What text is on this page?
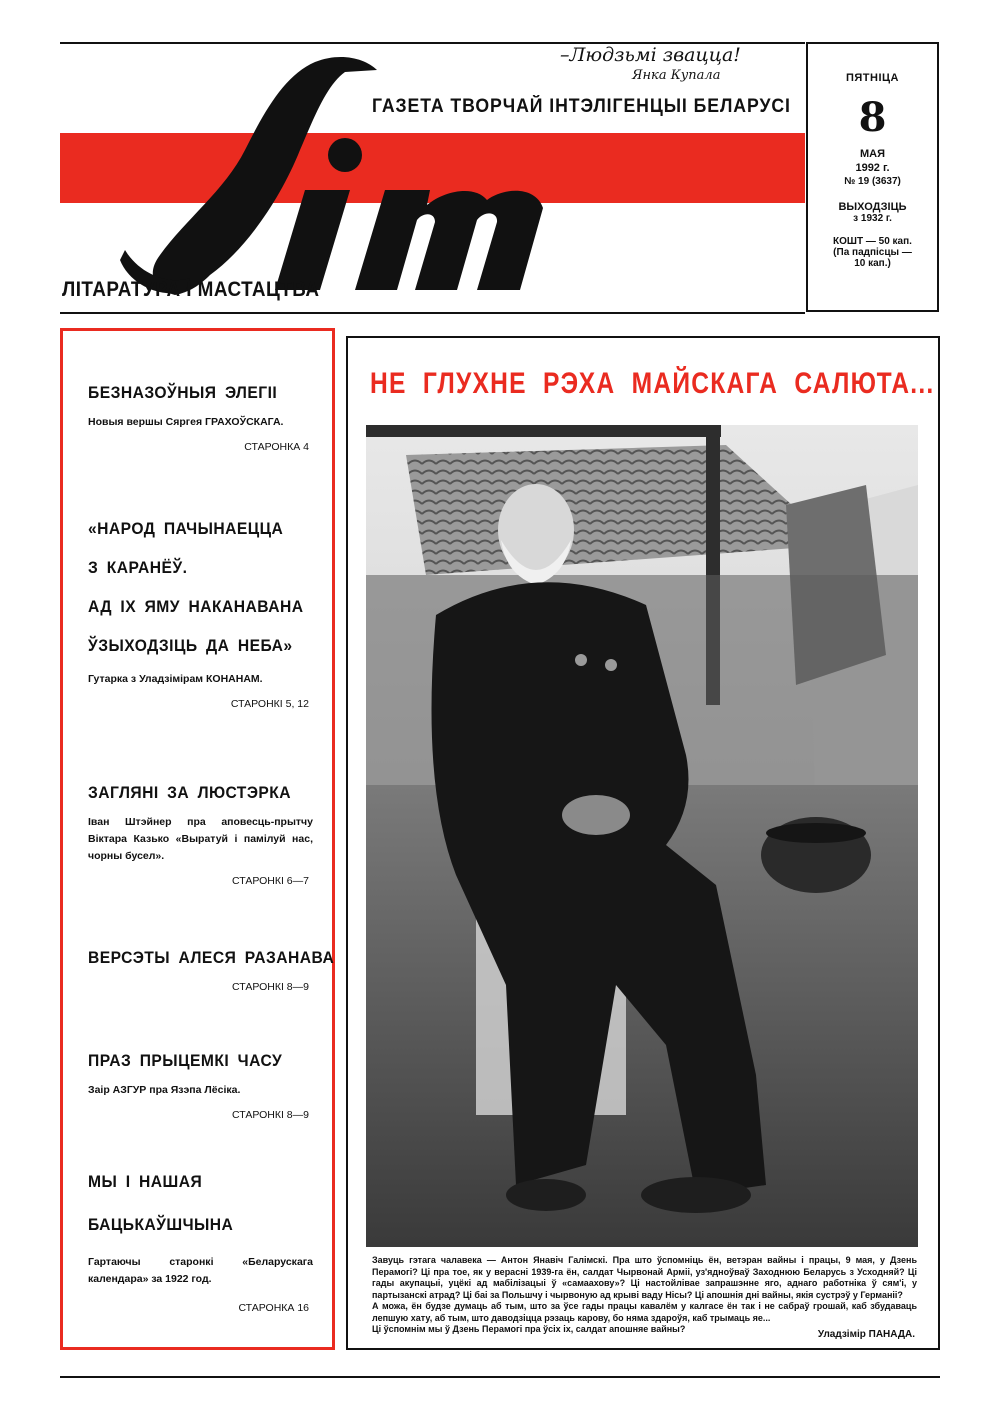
–Людзьмі звацца!
Янка Купала
ГАЗЕТА ТВОРЧАЙ ІНТЭЛІГЕНЦЫІ БЕЛАРУСІ
ЛІТАРАТУРА І МАСТАЦТВА
ПЯТНІЦА
8
МАЯ
1992 г.
№ 19 (3637)
ВЫХОДЗІЦЬ
з 1932 г.
КОШТ — 50 кап.
(Па падпісцы —
10 кап.)
БЕЗНАЗОЎНЫЯ ЭЛЕГІІ
Новыя вершы Сяргея ГРАХОЎСКАГА.
СТАРОНКА 4
«НАРОД ПАЧЫНАЕЦЦА
З КАРАНЁЎ.
АД ІХ ЯМУ НАКАНАВАНА
ЎЗЫХОДЗІЦЬ ДА НЕБА»
Гутарка з Уладзімірам КОНАНАМ.
СТАРОНКІ 5, 12
ЗАГЛЯНІ ЗА ЛЮСТЭРКА
Іван Штэйнер пра аповесць-прытчу Віктара Казько «Выратуй і памілуй нас, чорны бусел».
СТАРОНКІ 6—7
ВЕРСЭТЫ АЛЕСЯ РАЗАНАВА
СТАРОНКІ 8—9
ПРАЗ ПРЫЦЕМКІ ЧАСУ
Заір АЗГУР пра Язэпа Лёсіка.
СТАРОНКІ 8—9
МЫ І НАШАЯ
БАЦЬКАЎШЧЫНА
Гартаючы старонкі «Беларускага календара» за 1922 год.
СТАРОНКА 16
НЕ ГЛУХНЕ РЭХА МАЙСКАГА САЛЮТА...

Завуць гэтага чалавека — Антон Янавіч Галімскі. Пра што ўспомніць ён, ветэран вайны і працы, 9 мая, у Дзень Перамогі? Ці пра тое, як у верасні 1939-га ён, салдат Чырвонай Арміі, уз'ядноўваў Заходнюю Беларусь з Усходняй? Ці гады акупацыі, уцёкі ад мабілізацыі ў «самаахову»? Ці настойлівае запрашэнне яго, аднаго работніка ў сям'і, у партызанскі атрад? Ці баі за Польшчу і чырвоную ад крыві ваду Нісы? Ці апошнія дні вайны, якія сустрэў у Германіі?

А можа, ён будзе думаць аб тым, што за ўсе гады працы кавалём у калгасе ён так і не сабраў грошай, каб збудаваць лепшую хату, аб тым, што даводзіцца рэзаць карову, бо няма здароўя, каб трымаць яе...

Ці ўспомнім мы ў Дзень Перамогі пра ўсіх іх, салдат апошняе вайны?	Уладзімір ПАНАДА.
